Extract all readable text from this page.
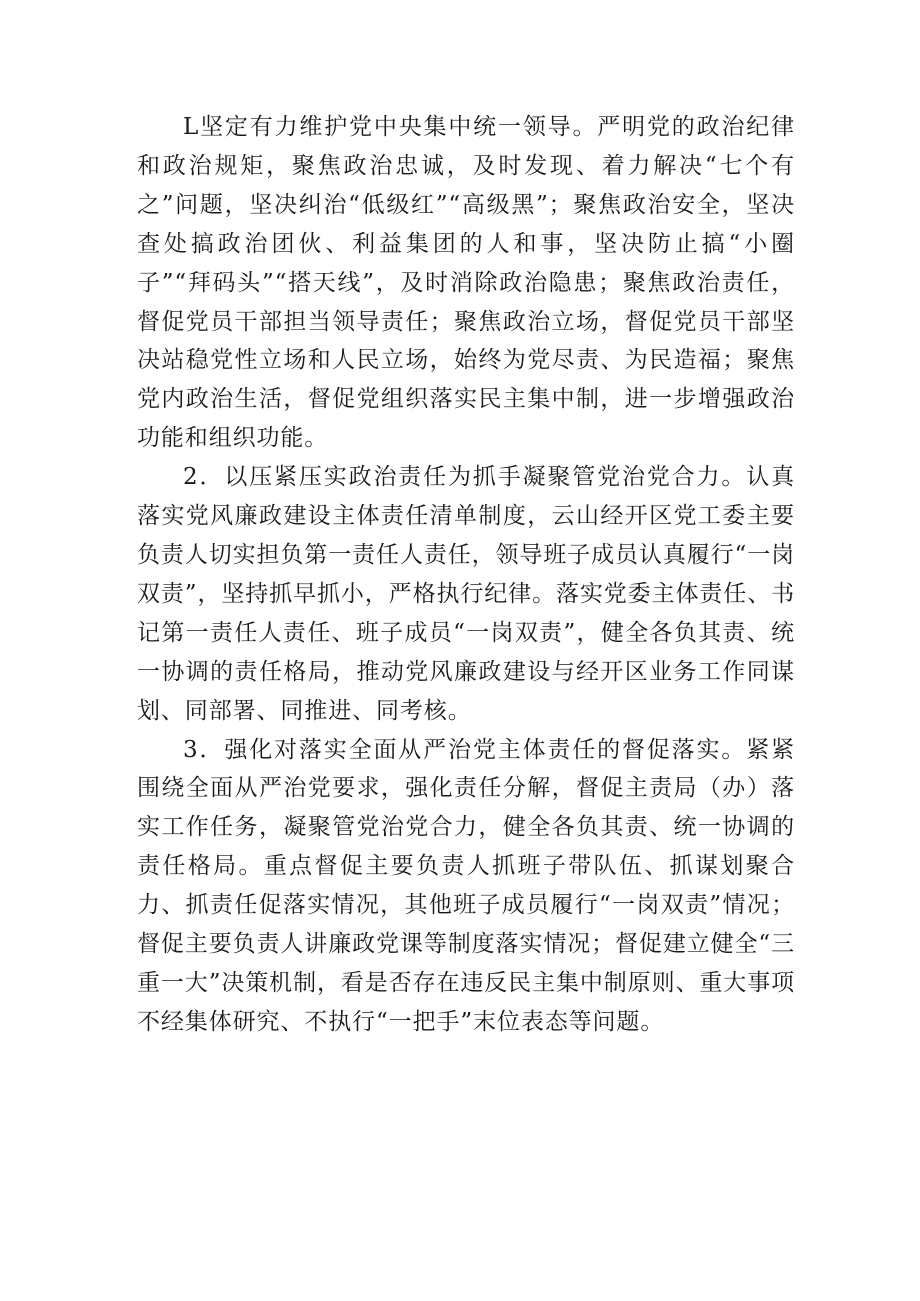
L坚定有力维护党中央集中统一领导。严明党的政治纪律和政治规矩，聚焦政治忠诚，及时发现、着力解决“七个有之”问题，坚决纠治“低级红”“高级黑”；聚焦政治安全，坚决查处搞政治团伙、利益集团的人和事，坚决防止搞“小圈子”“拜码头”“搭天线”，及时消除政治隐患；聚焦政治责任，督促党员干部担当领导责任；聚焦政治立场，督促党员干部坚决站稳党性立场和人民立场，始终为党尽责、为民造福；聚焦党内政治生活，督促党组织落实民主集中制，进一步增强政治功能和组织功能。

2．以压紧压实政治责任为抓手凝聚管党治党合力。认真落实党风廉政建设主体责任清单制度，云山经开区党工委主要负责人切实担负第一责任人责任，领导班子成员认真履行“一岗双责”，坚持抓早抓小，严格执行纪律。落实党委主体责任、书记第一责任人责任、班子成员“一岗双责”，健全各负其责、统一协调的责任格局，推动党风廉政建设与经开区业务工作同谋划、同部署、同推进、同考核。

3．强化对落实全面从严治党主体责任的督促落实。紧紧围绕全面从严治党要求，强化责任分解，督促主责局（办）落实工作任务，凝聚管党治党合力，健全各负其责、统一协调的责任格局。重点督促主要负责人抓班子带队伍、抓谋划聚合力、抓责任促落实情况，其他班子成员履行“一岗双责”情况；督促主要负责人讲廉政党课等制度落实情况；督促建立健全“三重一大”决策机制，看是否存在违反民主集中制原则、重大事项不经集体研究、不执行“一把手”末位表态等问题。
